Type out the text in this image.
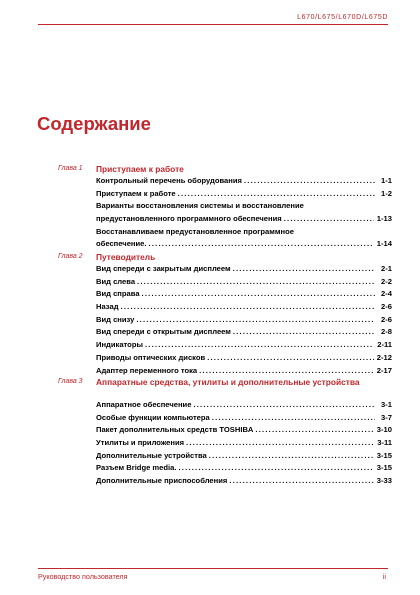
L670/L675/L670D/L675D
Содержание
Глава 1	Приступаем к работе
Контрольный перечень оборудования .....	1-1
Приступаем к работе .....	1-2
Варианты восстановления системы и восстановление
предустановленного программного обеспечения .....	1-13
Восстанавливаем предустановленное программное
обеспечение. .....	1-14
Глава 2	Путеводитель
Вид спереди с закрытым дисплеем .....	2-1
Вид слева .....	2-2
Вид справа .....	2-4
Назад .....	2-6
Вид снизу .....	2-6
Вид спереди с открытым дисплеем .....	2-8
Индикаторы .....	2-11
Приводы оптических дисков .....	2-12
Адаптер переменного тока .....	2-17
Глава 3	Аппаратные средства, утилиты и дополнительные устройства
Аппаратное обеспечение .....	3-1
Особые функции компьютера .....	3-7
Пакет дополнительных средств TOSHIBA .....	3-10
Утилиты и приложения .....	3-11
Дополнительные устройства .....	3-15
Разъем Bridge media. .....	3-15
Дополнительные приспособления .....	3-33
Руководство пользователя	ii
